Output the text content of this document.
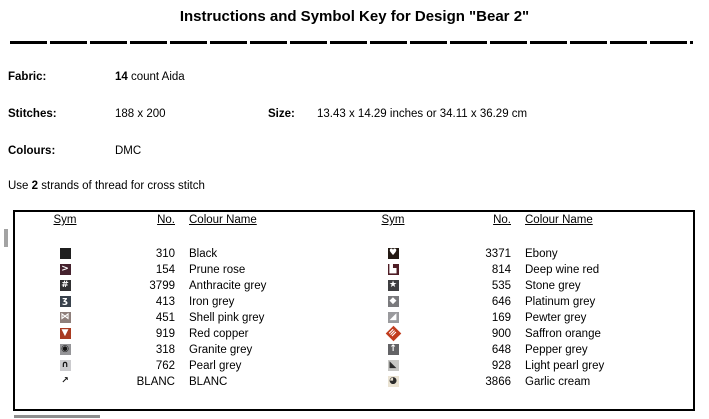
Instructions and Symbol Key for Design "Bear 2"
Fabric:	14 count Aida
Stitches:	188 x 200	Size: 13.43 x 14.29 inches or 34.11 x 36.29 cm
Colours:	DMC
Use 2 strands of thread for cross stitch
Sym	No.	Colour Name

	310	Black
>	154	Prune rose
#	3799	Anthracite grey
ʒ	413	Iron grey
⋈	451	Shell pink grey
▼	919	Red copper
◉	318	Granite grey
∩	762	Pearl grey
↗	BLANC	BLANC
Sym	No.	Colour Name

♥	3371	Ebony
▙	814	Deep wine red
★	535	Stone grey
◆	646	Platinum grey
◢	169	Pewter grey
≡	900	Saffron orange
↑	648	Pepper grey
◣	928	Light pearl grey
◕	3866	Garlic cream
